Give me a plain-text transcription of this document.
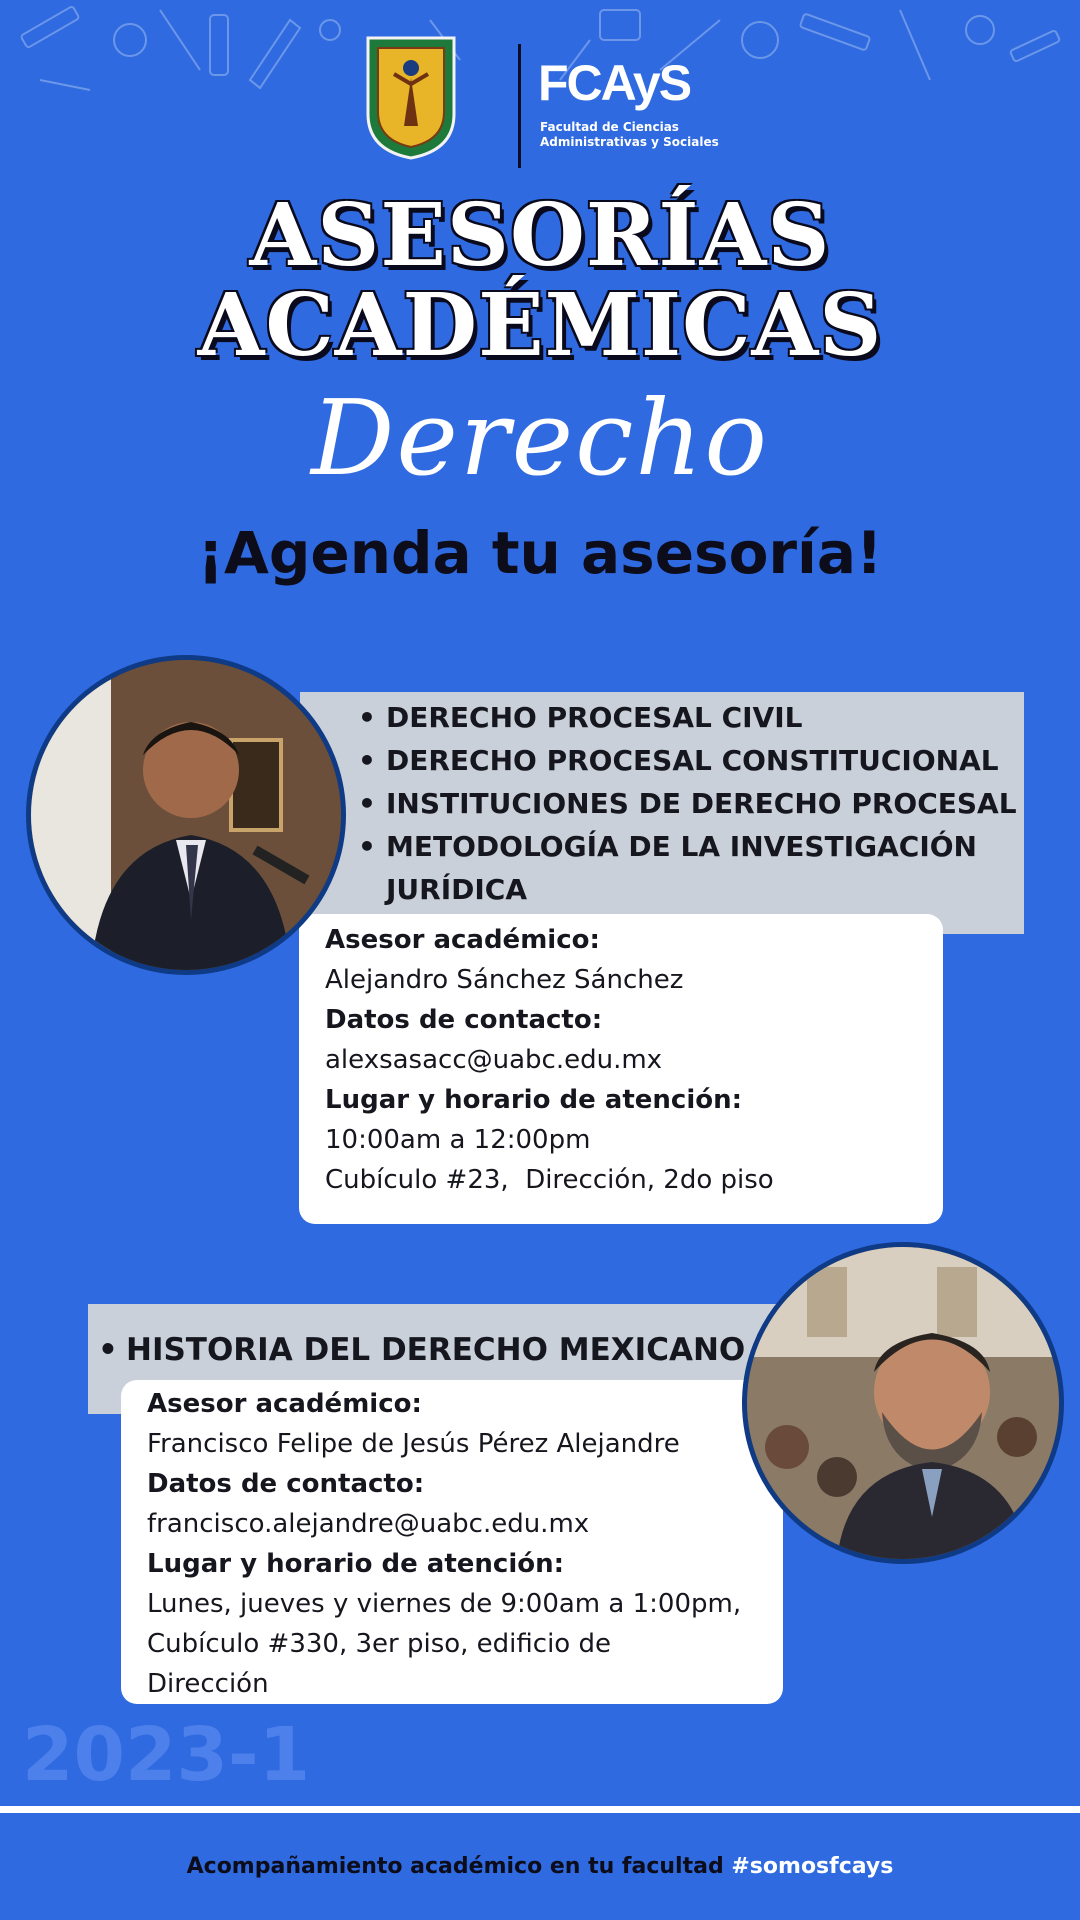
FCAyS
Facultad de Ciencias Administrativas y Sociales
ASESORÍAS
ACADÉMICAS
Derecho
¡Agenda tu asesoría!
• DERECHO PROCESAL CIVIL
• DERECHO PROCESAL CONSTITUCIONAL
• INSTITUCIONES DE DERECHO PROCESAL
• METODOLOGÍA DE LA INVESTIGACIÓN JURÍDICA

Asesor académico:

Alejandro Sánchez Sánchez

Datos de contacto:

alexsasacc@uabc.edu.mx

Lugar y horario de atención:

10:00am a 12:00pm

Cubículo #23,  Dirección, 2do piso

• HISTORIA DEL DERECHO MEXICANO

Asesor académico:

Francisco Felipe de Jesús Pérez Alejandre

Datos de contacto:

francisco.alejandre@uabc.edu.mx

Lugar y horario de atención:

Lunes, jueves y viernes de 9:00am a 1:00pm,

Cubículo #330, 3er piso, edificio de

Dirección

2023-1
Acompañamiento académico en tu facultad #somosfcays
